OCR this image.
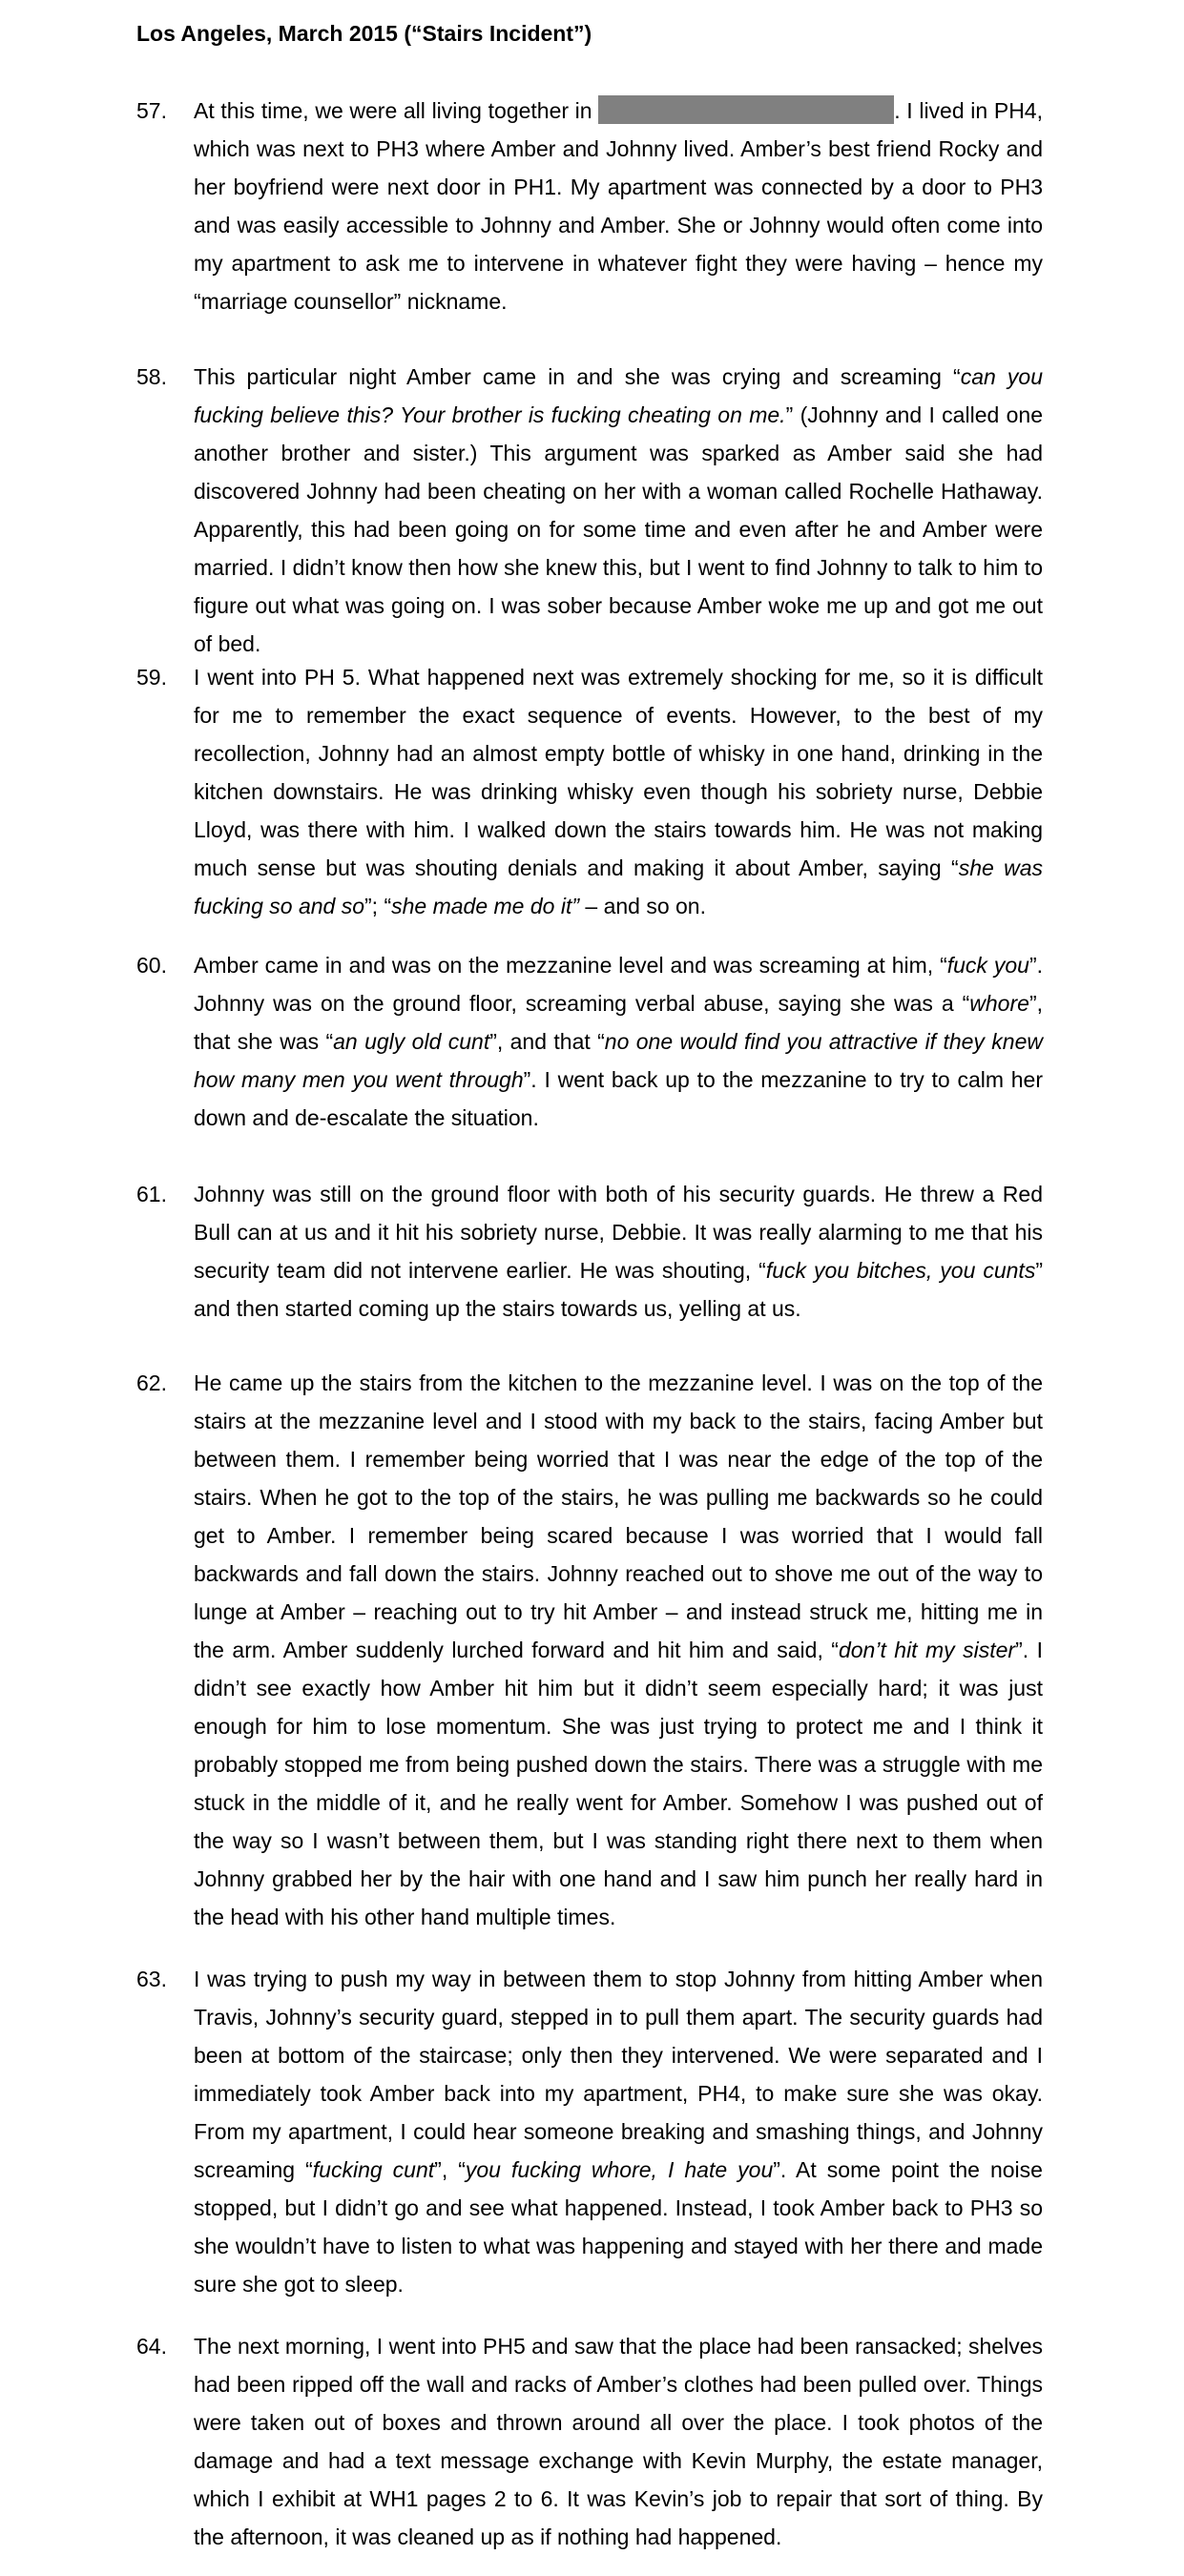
Los Angeles, March 2015 (“Stairs Incident”)
57. At this time, we were all living together in	. I lived in PH4, which was next to PH3 where Amber and Johnny lived. Amber’s best friend Rocky and her boyfriend were next door in PH1. My apartment was connected by a door to PH3 and was easily accessible to Johnny and Amber. She or Johnny would often come into my apartment to ask me to intervene in whatever fight they were having – hence my “marriage counsellor” nickname.
58. This particular night Amber came in and she was crying and screaming “can you fucking believe this? Your brother is fucking cheating on me.” (Johnny and I called one another brother and sister.) This argument was sparked as Amber said she had discovered Johnny had been cheating on her with a woman called Rochelle Hathaway. Apparently, this had been going on for some time and even after he and Amber were married. I didn’t know then how she knew this, but I went to find Johnny to talk to him to figure out what was going on. I was sober because Amber woke me up and got me out of bed.
59. I went into PH 5. What happened next was extremely shocking for me, so it is difficult for me to remember the exact sequence of events. However, to the best of my recollection, Johnny had an almost empty bottle of whisky in one hand, drinking in the kitchen downstairs. He was drinking whisky even though his sobriety nurse, Debbie Lloyd, was there with him. I walked down the stairs towards him. He was not making much sense but was shouting denials and making it about Amber, saying “she was fucking so and so”; “she made me do it” – and so on.
60. Amber came in and was on the mezzanine level and was screaming at him, “fuck you”. Johnny was on the ground floor, screaming verbal abuse, saying she was a “whore”, that she was “an ugly old cunt”, and that “no one would find you attractive if they knew how many men you went through”. I went back up to the mezzanine to try to calm her down and de-escalate the situation.
61. Johnny was still on the ground floor with both of his security guards. He threw a Red Bull can at us and it hit his sobriety nurse, Debbie. It was really alarming to me that his security team did not intervene earlier. He was shouting, “fuck you bitches, you cunts” and then started coming up the stairs towards us, yelling at us.
62. He came up the stairs from the kitchen to the mezzanine level. I was on the top of the stairs at the mezzanine level and I stood with my back to the stairs, facing Amber but between them. I remember being worried that I was near the edge of the top of the stairs. When he got to the top of the stairs, he was pulling me backwards so he could get to Amber. I remember being scared because I was worried that I would fall backwards and fall down the stairs. Johnny reached out to shove me out of the way to lunge at Amber – reaching out to try hit Amber – and instead struck me, hitting me in the arm. Amber suddenly lurched forward and hit him and said, “don’t hit my sister”. I didn’t see exactly how Amber hit him but it didn’t seem especially hard; it was just enough for him to lose momentum. She was just trying to protect me and I think it probably stopped me from being pushed down the stairs. There was a struggle with me stuck in the middle of it, and he really went for Amber. Somehow I was pushed out of the way so I wasn’t between them, but I was standing right there next to them when Johnny grabbed her by the hair with one hand and I saw him punch her really hard in the head with his other hand multiple times.
63. I was trying to push my way in between them to stop Johnny from hitting Amber when Travis, Johnny’s security guard, stepped in to pull them apart. The security guards had been at bottom of the staircase; only then they intervened. We were separated and I immediately took Amber back into my apartment, PH4, to make sure she was okay. From my apartment, I could hear someone breaking and smashing things, and Johnny screaming “fucking cunt”, “you fucking whore, I hate you”. At some point the noise stopped, but I didn’t go and see what happened. Instead, I took Amber back to PH3 so she wouldn’t have to listen to what was happening and stayed with her there and made sure she got to sleep.
64. The next morning, I went into PH5 and saw that the place had been ransacked; shelves had been ripped off the wall and racks of Amber’s clothes had been pulled over. Things were taken out of boxes and thrown around all over the place. I took photos of the damage and had a text message exchange with Kevin Murphy, the estate manager, which I exhibit at WH1 pages 2 to 6. It was Kevin’s job to repair that sort of thing. By the afternoon, it was cleaned up as if nothing had happened.
